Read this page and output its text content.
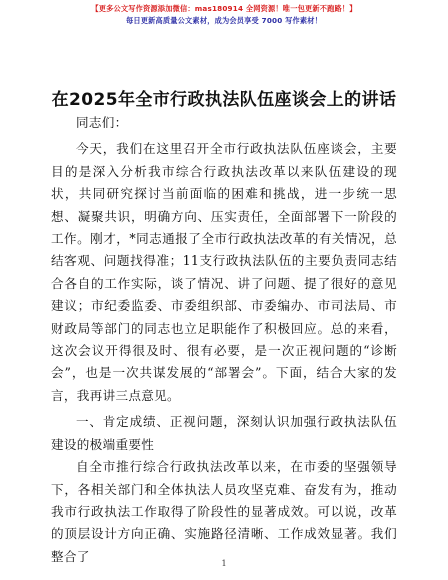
【更多公文写作资源添加微信：mas180914 全网资源！唯一包更新不跑路！】
每日更新高质量公文素材，成为会员享受 7000 写作素材！
在2025年全市行政执法队伍座谈会上的讲话

同志们：

今天，我们在这里召开全市行政执法队伍座谈会，主要目的是深入分析我市综合行政执法改革以来队伍建设的现状，共同研究探讨当前面临的困难和挑战，进一步统一思想、凝聚共识，明确方向、压实责任，全面部署下一阶段的工作。刚才，*同志通报了全市行政执法改革的有关情况，总结客观、问题找得准；11支行政执法队伍的主要负责同志结合各自的工作实际，谈了情况、讲了问题、提了很好的意见建议；市纪委监委、市委组织部、市委编办、市司法局、市财政局等部门的同志也立足职能作了积极回应。总的来看，这次会议开得很及时、很有必要，是一次正视问题的“诊断会”，也是一次共谋发展的“部署会”。下面，结合大家的发言，我再讲三点意见。

一、肯定成绩、正视问题，深刻认识加强行政执法队伍建设的极端重要性

自全市推行综合行政执法改革以来，在市委的坚强领导下，各相关部门和全体执法人员攻坚克难、奋发有为，推动我市行政执法工作取得了阶段性的显著成效。可以说，改革的顶层设计方向正确、实施路径清晰、工作成效显著。我们整合了	1
